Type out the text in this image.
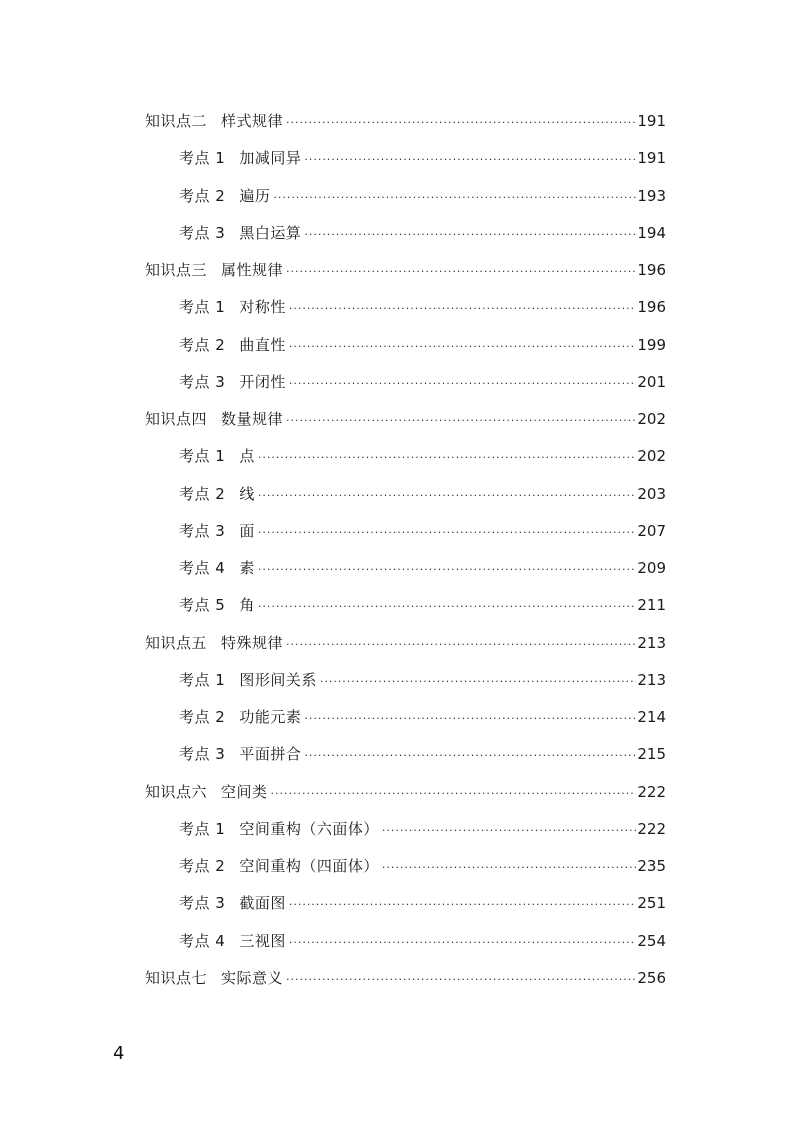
知识点二 样式规律 ·····	191
考点 1 加减同异 ·····	191
考点 2 遍历 ·····	193
考点 3 黑白运算 ·····	194
知识点三 属性规律 ·····	196
考点 1 对称性 ·····	196
考点 2 曲直性 ·····	199
考点 3 开闭性 ·····	201
知识点四 数量规律 ·····	202
考点 1 点 ·····	202
考点 2 线 ·····	203
考点 3 面 ·····	207
考点 4 素 ·····	209
考点 5 角 ·····	211
知识点五 特殊规律 ·····	213
考点 1 图形间关系 ·····	213
考点 2 功能元素 ·····	214
考点 3 平面拼合 ·····	215
知识点六 空间类 ·····	222
考点 1 空间重构（六面体） ·····	222
考点 2 空间重构（四面体） ·····	235
考点 3 截面图 ·····	251
考点 4 三视图 ·····	254
知识点七 实际意义 ·····	256
4
